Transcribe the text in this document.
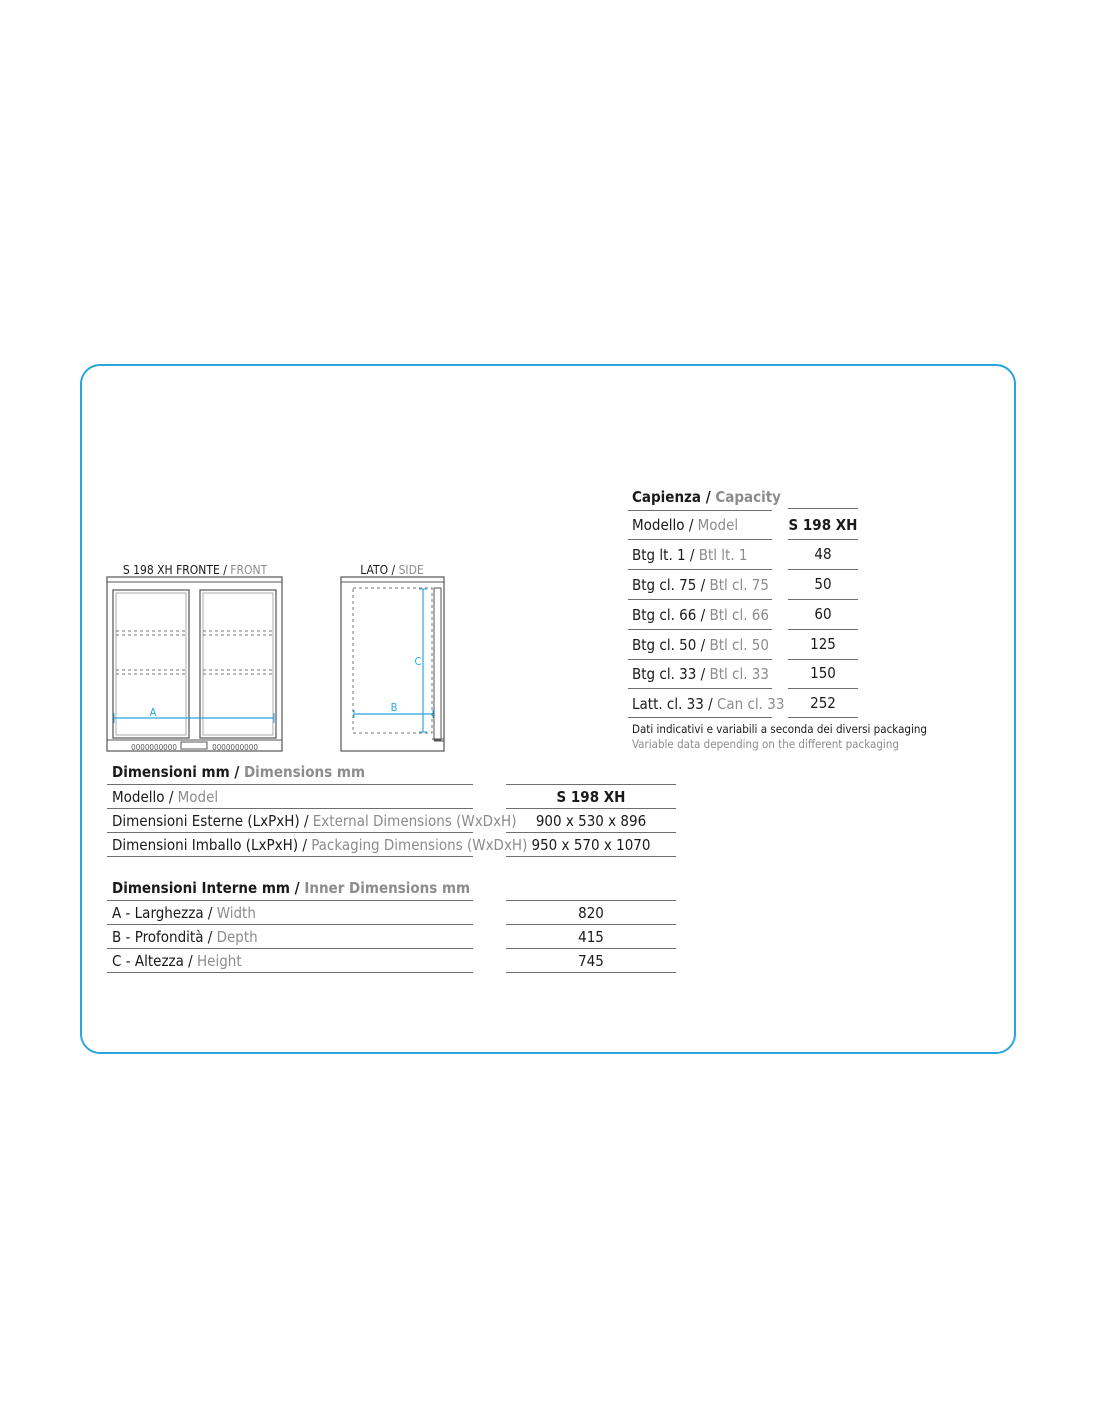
S 198 XH FRONTE / FRONT
A
0000000000	0000000000
LATO / SIDE
C
B
Capienza / Capacity
Modello / Model	S 198 XH
Btg lt. 1 / Btl lt. 1	48
Btg cl. 75 / Btl cl. 75	50
Btg cl. 66 / Btl cl. 66	60
Btg cl. 50 / Btl cl. 50	125
Btg cl. 33 / Btl cl. 33	150
Latt. cl. 33 / Can cl. 33	252
Dati indicativi e variabili a seconda dei diversi packaging
Variable data depending on the different packaging
Dimensioni mm / Dimensions mm
Modello / Model	S 198 XH
Dimensioni Esterne (LxPxH) / External Dimensions (WxDxH)	900 x 530 x 896
Dimensioni Imballo (LxPxH) / Packaging Dimensions (WxDxH) 950 x 570 x 1070
Dimensioni Interne mm / Inner Dimensions mm
A - Larghezza / Width	820
B - Profondità / Depth	415
C - Altezza / Height	745
